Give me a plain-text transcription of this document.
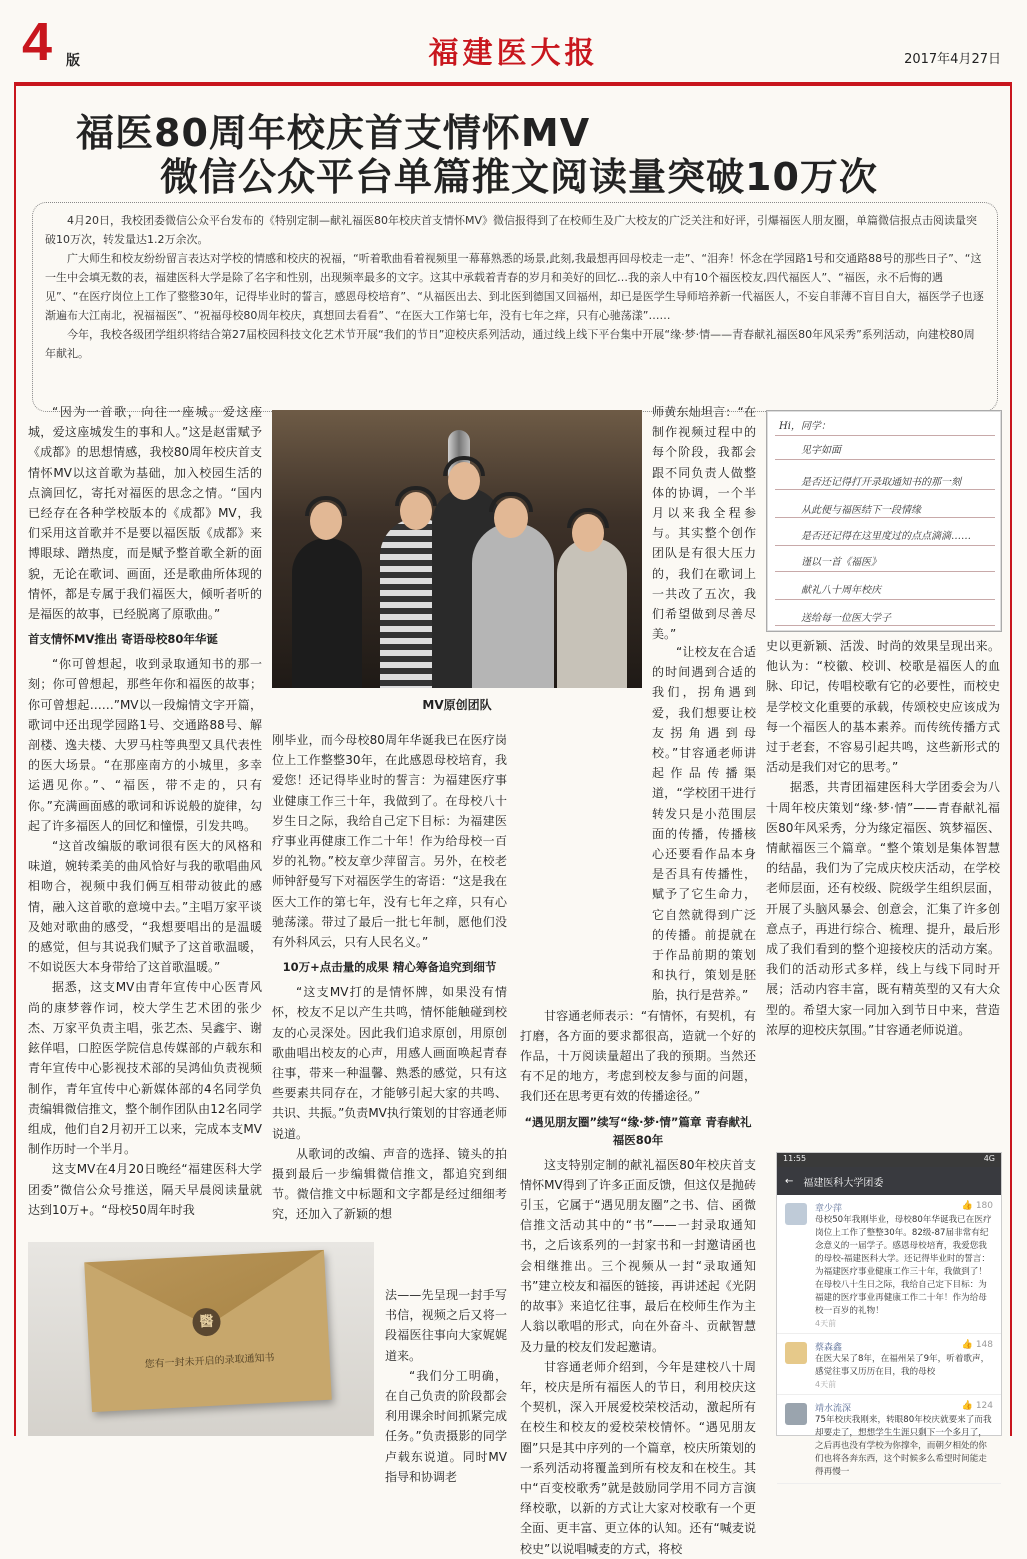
4 版	福建医大报	2017年4月27日
福医80周年校庆首支情怀MV
微信公众平台单篇推文阅读量突破10万次

4月20日，我校团委微信公众平台发布的《特别定制—献礼福医80年校庆首支情怀MV》微信报得到了在校师生及广大校友的广泛关注和好评，引爆福医人朋友圈，单篇微信报点击阅读量突破10万次，转发量达1.2万余次。

广大师生和校友纷纷留言表达对学校的情感和校庆的祝福，“听着歌曲看着视频里一幕幕熟悉的场景,此刻,我最想再回母校走一走”、“泪奔！怀念在学园路1号和交通路88号的那些日子”、“这一生中会填无数的表，福建医科大学是除了名字和性别，出现频率最多的文字。这其中承载着青春的岁月和美好的回忆…我的亲人中有10个福医校友,四代福医人”、“福医，永不后悔的遇见”、“在医疗岗位上工作了整整30年，记得毕业时的誓言，感恩母校培育”、“从福医出去、到北医到德国又回福州，却已是医学生导师培养新一代福医人，不妄自菲薄不盲目自大，福医学子也逐渐遍布大江南北，祝福福医”、“祝福母校80周年校庆，真想回去看看”、“在医大工作第七年，没有七年之痒，只有心驰荡漾”……

今年，我校各级团学组织将结合第27届校园科技文化艺术节开展“我们的节日”迎校庆系列活动，通过线上线下平台集中开展“缘·梦·情——青春献礼福医80年风采秀”系列活动，向建校80周年献礼。

“因为一首歌，向往一座城。爱这座城，爱这座城发生的事和人。”这是赵雷赋予《成都》的思想情感，我校80周年校庆首支情怀MV以这首歌为基础，加入校园生活的点滴回忆，寄托对福医的思念之情。“国内已经存在各种学校版本的《成都》MV，我们采用这首歌并不是要以福医版《成都》来博眼球、蹭热度，而是赋予整首歌全新的面貌，无论在歌词、画面，还是歌曲所体现的情怀，都是专属于我们福医大，倾听者听的是福医的故事，已经脱离了原歌曲。”

首支情怀MV推出 寄语母校80年华诞

“你可曾想起，收到录取通知书的那一刻；你可曾想起，那些年你和福医的故事；你可曾想起……”MV以一段煽情文字开篇，歌词中还出现学园路1号、交通路88号、解剖楼、逸夫楼、大罗马柱等典型又具代表性的医大场景。“在那座南方的小城里，多幸运遇见你。”、“福医，带不走的，只有你。”充满画面感的歌词和诉说般的旋律，勾起了许多福医人的回忆和憧憬，引发共鸣。

“这首改编版的歌词很有医大的风格和味道，婉转柔美的曲风恰好与我的歌唱曲风相吻合，视频中我们俩互相带动彼此的感情，融入这首歌的意境中去。”主唱万家平谈及她对歌曲的感受，“我想要唱出的是温暖的感觉，但与其说我们赋予了这首歌温暖，不如说医大本身带给了这首歌温暖。”

据悉，这支MV由青年宣传中心医青风尚的康梦蓉作词，校大学生艺术团的张少杰、万家平负责主唱，张艺杰、吴鑫宇、谢鉉佯唱，口腔医学院信息传媒部的卢载东和青年宣传中心影视技术部的吴鸿仙负责视频制作，青年宣传中心新媒体部的4名同学负责编辑微信推文，整个制作团队由12名同学组成，他们自2月初开工以来，完成本支MV制作历时一个半月。

这支MV在4月20日晚经“福建医科大学团委”微信公众号推送，隔天早晨阅读量就达到10万+。“母校50周年时我

MV原创团队

刚毕业，而今母校80周年华诞我已在医疗岗位上工作整整30年，在此感恩母校培育，我爱您！还记得毕业时的誓言：为福建医疗事业健康工作三十年，我做到了。在母校八十岁生日之际，我给自己定下目标：为福建医疗事业再健康工作二十年！作为给母校一百岁的礼物。”校友章少萍留言。另外，在校老师钟舒曼写下对福医学生的寄语：“这是我在医大工作的第七年，没有七年之痒，只有心驰荡漾。带过了最后一批七年制，愿他们没有外科风云，只有人民名义。”

10万+点击量的成果 精心筹备追究到细节

“这支MV打的是情怀牌，如果没有情怀，校友不足以产生共鸣，情怀能触碰到校友的心灵深处。因此我们追求原创，用原创歌曲唱出校友的心声，用感人画面唤起青春往事，带来一种温馨、熟悉的感觉，只有这些要素共同存在，才能够引起大家的共鸣、共识、共振。”负责MV执行策划的甘容通老师说道。

从歌词的改编、声音的选择、镜头的拍摄到最后一步编辑微信推文，都追究到细节。微信推文中标题和文字都是经过细细考究，还加入了新颖的想

法——先呈现一封手写书信，视频之后又将一段福医往事向大家娓娓道来。

“我们分工明确，在自己负责的阶段都会利用课余时间抓紧完成任务。”负责摄影的同学卢载东说道。同时MV指导和协调老

师黄东灿坦言：“在制作视频过程中的每个阶段，我都会跟不同负责人做整体的协调，一个半月以来我全程参与。其实整个创作团队是有很大压力的，我们在歌词上一共改了五次，我们希望做到尽善尽美。”

“让校友在合适的时间遇到合适的我们，拐角遇到爱，我们想要让校友拐角遇到母校。”甘容通老师讲起作品传播渠道，“学校团干进行转发只是小范围层面的传播，传播核心还要看作品本身是否具有传播性，赋予了它生命力，它自然就得到广泛的传播。前提就在于作品前期的策划和执行，策划是胚胎，执行是营养。”

甘容通老师表示：“有情怀，有契机，有打磨，各方面的要求都很高，造就一个好的作品，十万阅读量超出了我的预期。当然还有不足的地方，考虑到校友参与面的问题，我们还在思考更有效的传播途径。”

“遇见朋友圈”续写“缘·梦·情”篇章 青春献礼福医80年

这支特别定制的献礼福医80年校庆首支情怀MV得到了许多正面反馈，但这仅是抛砖引玉，它属于“遇见朋友圈”之书、信、函微信推文活动其中的“书”——一封录取通知书，之后该系列的一封家书和一封邀请函也会相继推出。三个视频从一封“录取通知书”建立校友和福医的链接，再讲述起《光阴的故事》来追忆往事，最后在校师生作为主人翁以歌唱的形式，向在外奋斗、贡献智慧及力量的校友们发起邀请。

甘容通老师介绍到，今年是建校八十周年，校庆是所有福医人的节日，利用校庆这个契机，深入开展爱校荣校活动，激起所有在校生和校友的爱校荣校情怀。“遇见朋友圈”只是其中序列的一个篇章，校庆所策划的一系列活动将覆盖到所有校友和在校生。其中“百变校歌秀”就是鼓励同学用不同方言演绎校歌，以新的方式让大家对校歌有一个更全面、更丰富、更立体的认知。还有“喊麦说校史”以说唱喊麦的方式，将校

Hi，同学：
见字如面
是否还记得打开录取通知书的那一刻
从此便与福医结下一段情缘
是否还记得在这里度过的点点滴滴……
谨以一首《福医》
献礼八十周年校庆
送给每一位医大学子

史以更新颖、活泼、时尚的效果呈现出来。他认为：“校徽、校训、校歌是福医人的血脉、印记，传唱校歌有它的必要性，而校史是学校文化重要的承载，传颂校史应该成为每一个福医人的基本素养。而传统传播方式过于老套，不容易引起共鸣，这些新形式的活动是我们对它的思考。”

据悉，共青团福建医科大学团委会为八十周年校庆策划“缘·梦·情”——青春献礼福医80年风采秀，分为缘定福医、筑梦福医、情献福医三个篇章。“整个策划是集体智慧的结晶，我们为了完成庆校庆活动，在学校老师层面，还有校级、院级学生组织层面，开展了头脑风暴会、创意会，汇集了许多创意点子，再进行综合、梳理、提升，最后形成了我们看到的整个迎接校庆的活动方案。我们的活动形式多样，线上与线下同时开展；活动内容丰富，既有精英型的又有大众型的。希望大家一同加入到节日中来，营造浓厚的迎校庆氛围。”甘容通老师说道。

醫
您有一封未开启的录取通知书
11:55	4G
← 福建医科大学团委
章少萍	👍 180
母校50年我刚毕业，母校80年华诞我已在医疗岗位上工作了整整30年。82级-87届非常有纪念意义的一届学子。感恩母校培育，我爱您我的母校-福建医科大学。还记得毕业时的誓言：为福建医疗事业健康工作三十年，我做到了！在母校八十生日之际，我给自己定下目标：为福建的医疗事业再健康工作二十年！作为给母校一百岁的礼物！
4天前
蔡森鑫	👍 148
在医大呆了8年，在福州呆了9年，听着歌声，感觉往事又历历在目，我的母校
4天前
靖水流深	👍 124
75年校庆我刚来，转眼80年校庆就要来了而我却要走了，想想学生生涯只剩下一个多月了，之后再也没有学校为你撑伞，而朝夕相处的你们也将各奔东西，这个时候多么希望时间能走得再慢一
